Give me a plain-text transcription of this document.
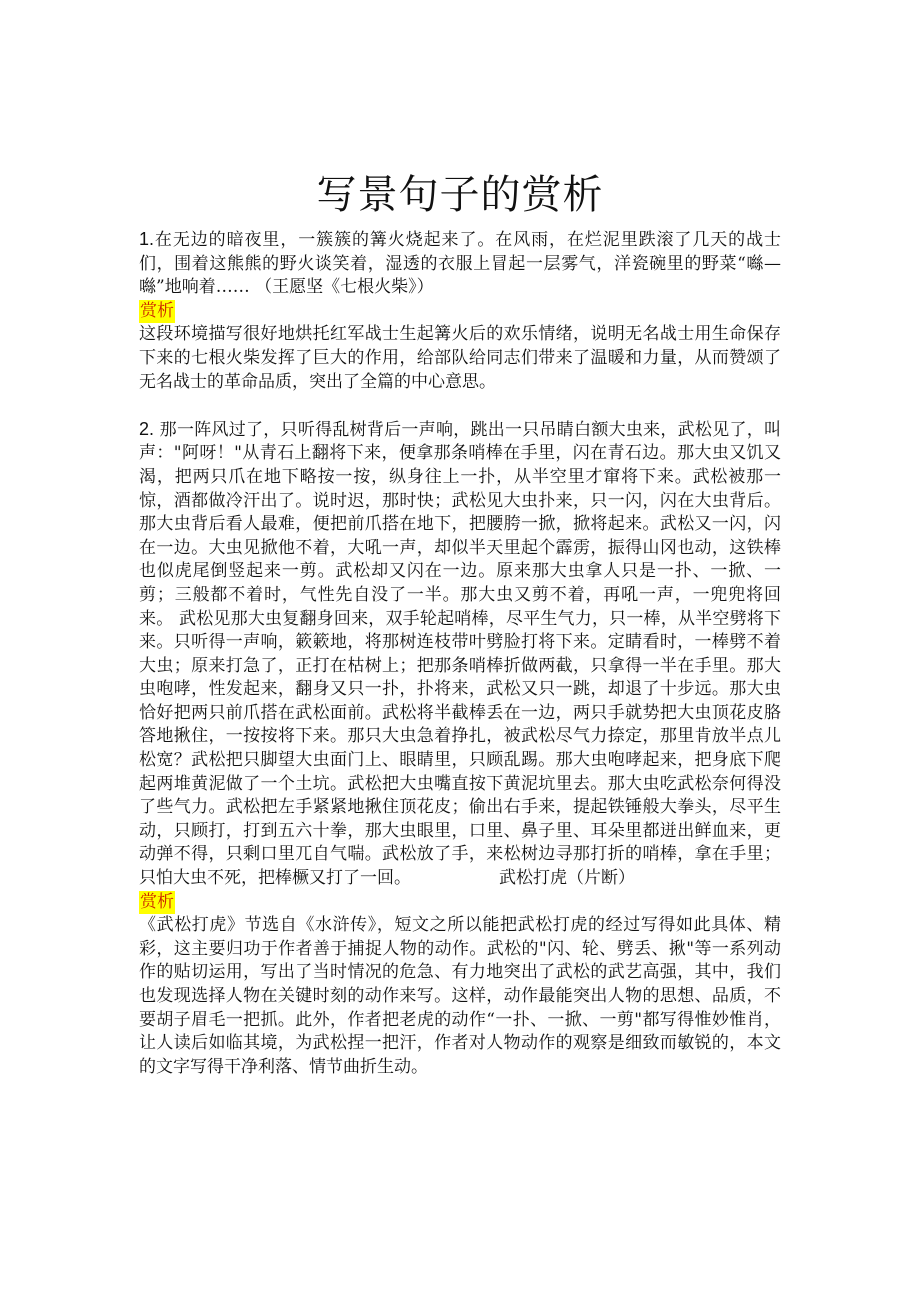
写景句子的赏析

1.在无边的暗夜里，一簇簇的篝火烧起来了。在风雨，在烂泥里跌滚了几天的战士们，围着这熊熊的野火谈笑着，湿透的衣服上冒起一层雾气，洋瓷碗里的野菜“噝—噝”地响着…… （王愿坚《七根火柴》）

赏析

这段环境描写很好地烘托红军战士生起篝火后的欢乐情绪，说明无名战士用生命保存下来的七根火柴发挥了巨大的作用，给部队给同志们带来了温暖和力量，从而赞颂了无名战士的革命品质，突出了全篇的中心意思。

2. 那一阵风过了，只听得乱树背后一声响，跳出一只吊睛白额大虫来，武松见了，叫声："阿呀！"从青石上翻将下来，便拿那条哨棒在手里，闪在青石边。那大虫又饥又渴，把两只爪在地下略按一按，纵身往上一扑，从半空里才窜将下来。武松被那一惊，酒都做冷汗出了。说时迟，那时快；武松见大虫扑来，只一闪，闪在大虫背后。那大虫背后看人最难，便把前爪搭在地下，把腰胯一掀，掀将起来。武松又一闪，闪在一边。大虫见掀他不着，大吼一声，却似半天里起个霹雳，振得山冈也动，这铁棒也似虎尾倒竖起来一剪。武松却又闪在一边。原来那大虫拿人只是一扑、一掀、一剪；三般都不着时，气性先自没了一半。那大虫又剪不着，再吼一声，一兜兜将回来。 武松见那大虫复翻身回来，双手轮起哨棒，尽平生气力，只一棒，从半空劈将下来。只听得一声响，簌簌地，将那树连枝带叶劈脸打将下来。定睛看时，一棒劈不着大虫；原来打急了，正打在枯树上；把那条哨棒折做两截，只拿得一半在手里。那大虫咆哮，性发起来，翻身又只一扑，扑将来，武松又只一跳，却退了十步远。那大虫恰好把两只前爪搭在武松面前。武松将半截棒丢在一边，两只手就势把大虫顶花皮胳答地揪住，一按按将下来。那只大虫急着挣扎，被武松尽气力捺定，那里肯放半点儿松宽？武松把只脚望大虫面门上、眼睛里，只顾乱踢。那大虫咆哮起来，把身底下爬起两堆黄泥做了一个土坑。武松把大虫嘴直按下黄泥坑里去。那大虫吃武松奈何得没了些气力。武松把左手紧紧地揪住顶花皮；偷出右手来，提起铁锤般大拳头，尽平生动，只顾打，打到五六十拳，那大虫眼里，口里、鼻子里、耳朵里都迸出鲜血来，更动弹不得，只剩口里兀自气喘。武松放了手，来松树边寻那打折的哨棒，拿在手里；只怕大虫不死，把棒橛又打了一回。	武松打虎（片断）

赏析

《武松打虎》节选自《水浒传》，短文之所以能把武松打虎的经过写得如此具体、精彩，这主要归功于作者善于捕捉人物的动作。武松的"闪、轮、劈丢、揪"等一系列动作的贴切运用，写出了当时情况的危急、有力地突出了武松的武艺高强，其中，我们也发现选择人物在关键时刻的动作来写。这样，动作最能突出人物的思想、品质，不要胡子眉毛一把抓。此外，作者把老虎的动作“一扑、一掀、一剪"都写得惟妙惟肖，让人读后如临其境，为武松捏一把汗，作者对人物动作的观察是细致而敏锐的，本文的文字写得干净利落、情节曲折生动。
